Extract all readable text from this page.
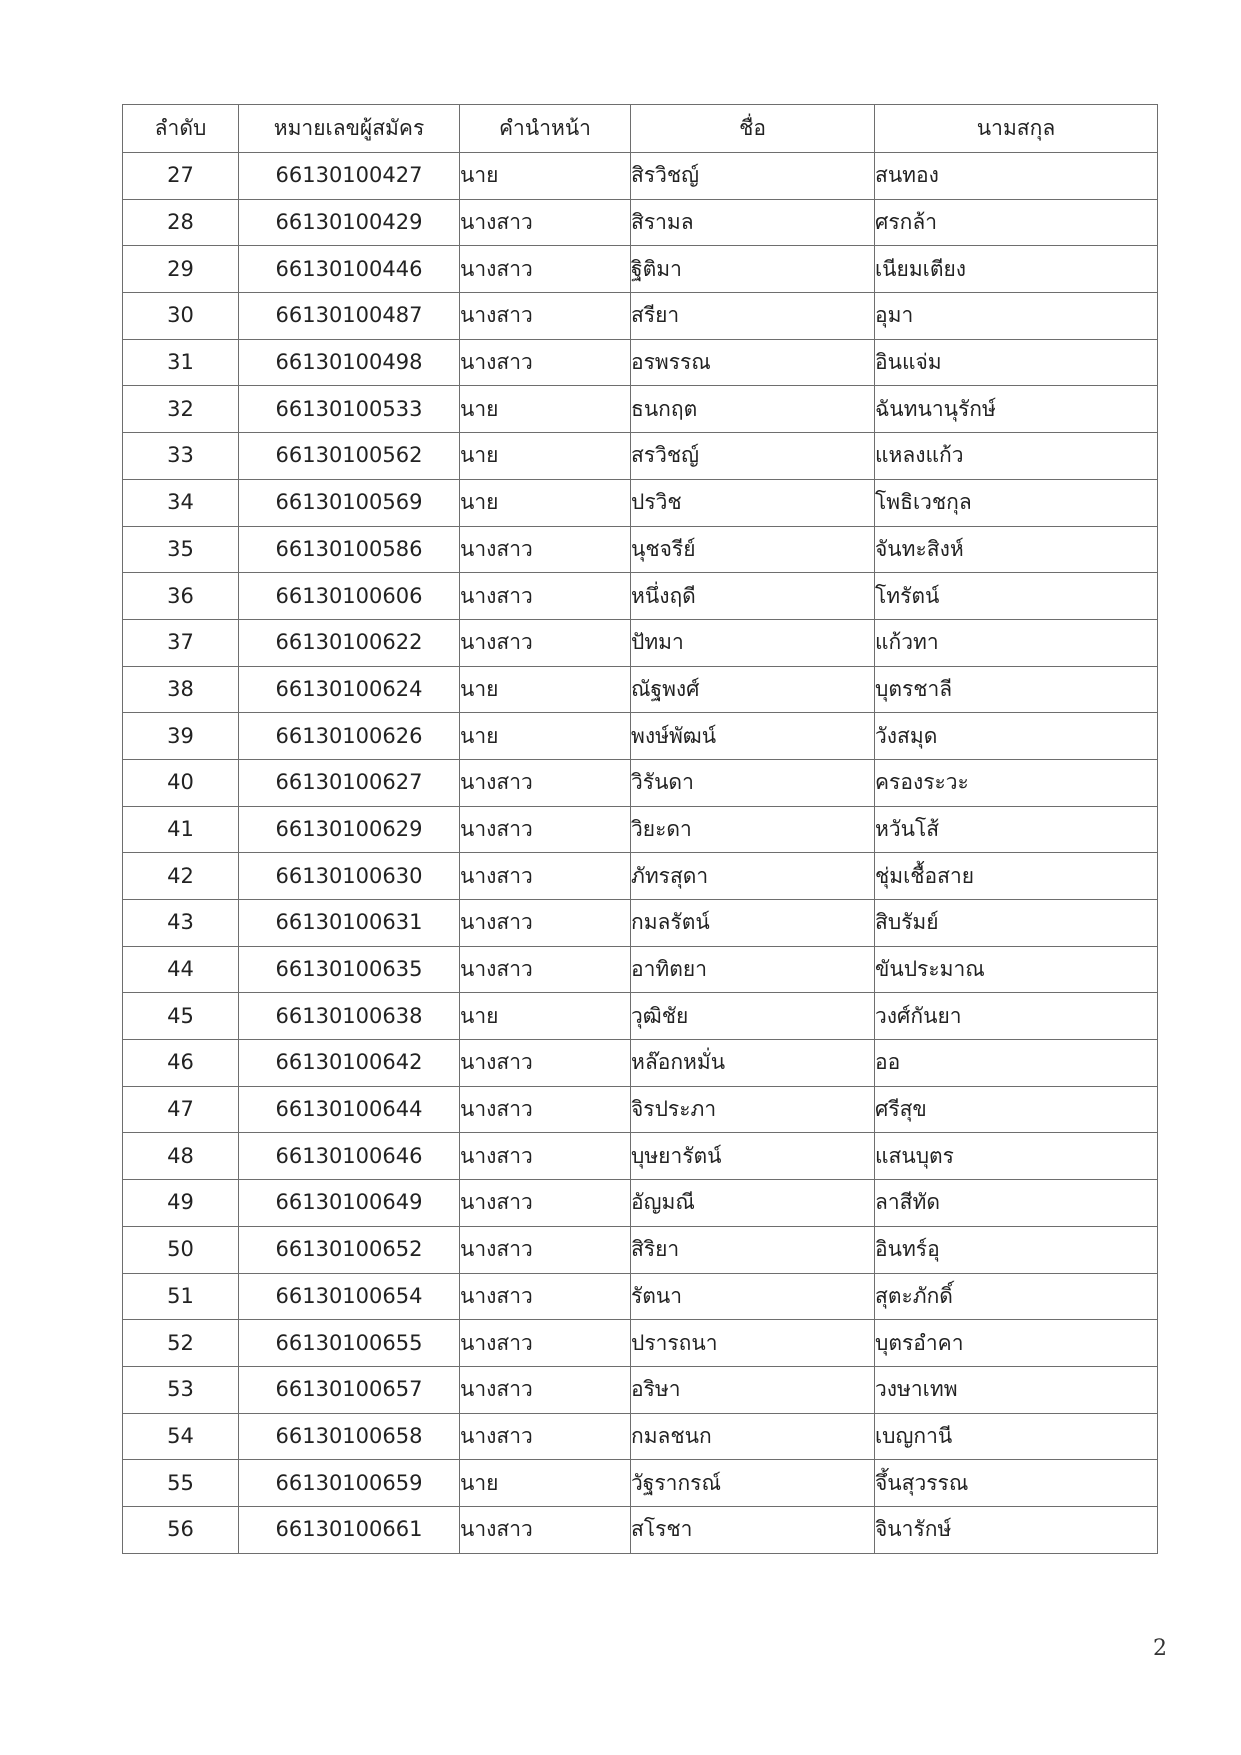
ลำดับ	หมายเลขผู้สมัคร	คำนำหน้า	ชื่อ	นามสกุล
27	66130100427	นาย	สิรวิชญ์	สนทอง
28	66130100429	นางสาว	สิรามล	ศรกล้า
29	66130100446	นางสาว	ฐิติมา	เนียมเตียง
30	66130100487	นางสาว	สรียา	อุมา
31	66130100498	นางสาว	อรพรรณ	อินแจ่ม
32	66130100533	นาย	ธนกฤต	ฉันทนานุรักษ์
33	66130100562	นาย	สรวิชญ์	แหลงแก้ว
34	66130100569	นาย	ปรวิช	โพธิเวชกุล
35	66130100586	นางสาว	นุชจรีย์	จันทะสิงห์
36	66130100606	นางสาว	หนึ่งฤดี	โทรัตน์
37	66130100622	นางสาว	ปัทมา	แก้วทา
38	66130100624	นาย	ณัฐพงศ์	บุตรชาลี
39	66130100626	นาย	พงษ์พัฒน์	วังสมุด
40	66130100627	นางสาว	วิรันดา	ครองระวะ
41	66130100629	นางสาว	วิยะดา	หวันโส้
42	66130100630	นางสาว	ภัทรสุดา	ชุ่มเชื้อสาย
43	66130100631	นางสาว	กมลรัตน์	สิบรัมย์
44	66130100635	นางสาว	อาทิตยา	ขันประมาณ
45	66130100638	นาย	วุฒิชัย	วงศ์กันยา
46	66130100642	นางสาว	หล๊อกหมั่น	ออ
47	66130100644	นางสาว	จิรประภา	ศรีสุข
48	66130100646	นางสาว	บุษยารัตน์	แสนบุตร
49	66130100649	นางสาว	อัญมณี	ลาสีทัด
50	66130100652	นางสาว	สิริยา	อินทร์อุ
51	66130100654	นางสาว	รัตนา	สุตะภักดิ์
52	66130100655	นางสาว	ปรารถนา	บุตรอำคา
53	66130100657	นางสาว	อริษา	วงษาเทพ
54	66130100658	นางสาว	กมลชนก	เบญกานี
55	66130100659	นาย	วัฐรากรณ์	จึ้นสุวรรณ
56	66130100661	นางสาว	สโรชา	จินารักษ์
2
